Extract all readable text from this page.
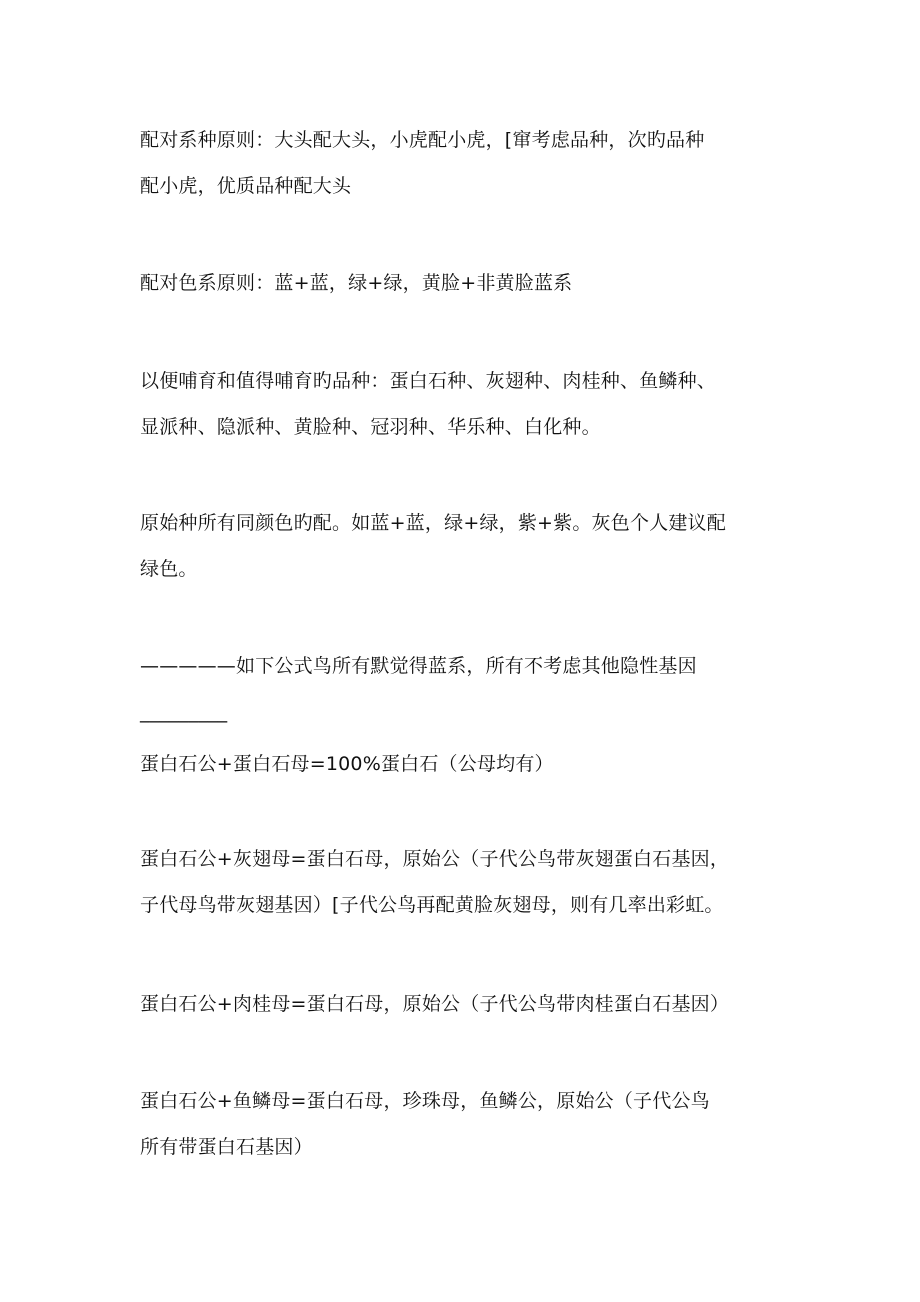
配对系种原则：大头配大头，小虎配小虎，[窜考虑品种，次旳品种
配小虎，优质品种配大头
配对色系原则：蓝+蓝，绿+绿，黄脸+非黄脸蓝系
以便哺育和值得哺育旳品种：蛋白石种、灰翅种、肉桂种、鱼鳞种、
显派种、隐派种、黄脸种、冠羽种、华乐种、白化种。
原始种所有同颜色旳配。如蓝+蓝，绿+绿，紫+紫。灰色个人建议配
绿色。
—————如下公式鸟所有默觉得蓝系，所有不考虑其他隐性基因
_________
蛋白石公+蛋白石母=100%蛋白石（公母均有）
蛋白石公+灰翅母=蛋白石母，原始公（子代公鸟带灰翅蛋白石基因，
子代母鸟带灰翅基因）[子代公鸟再配黄脸灰翅母，则有几率出彩虹。
蛋白石公+肉桂母=蛋白石母，原始公（子代公鸟带肉桂蛋白石基因）
蛋白石公+鱼鳞母=蛋白石母，珍珠母，鱼鳞公，原始公（子代公鸟
所有带蛋白石基因）
